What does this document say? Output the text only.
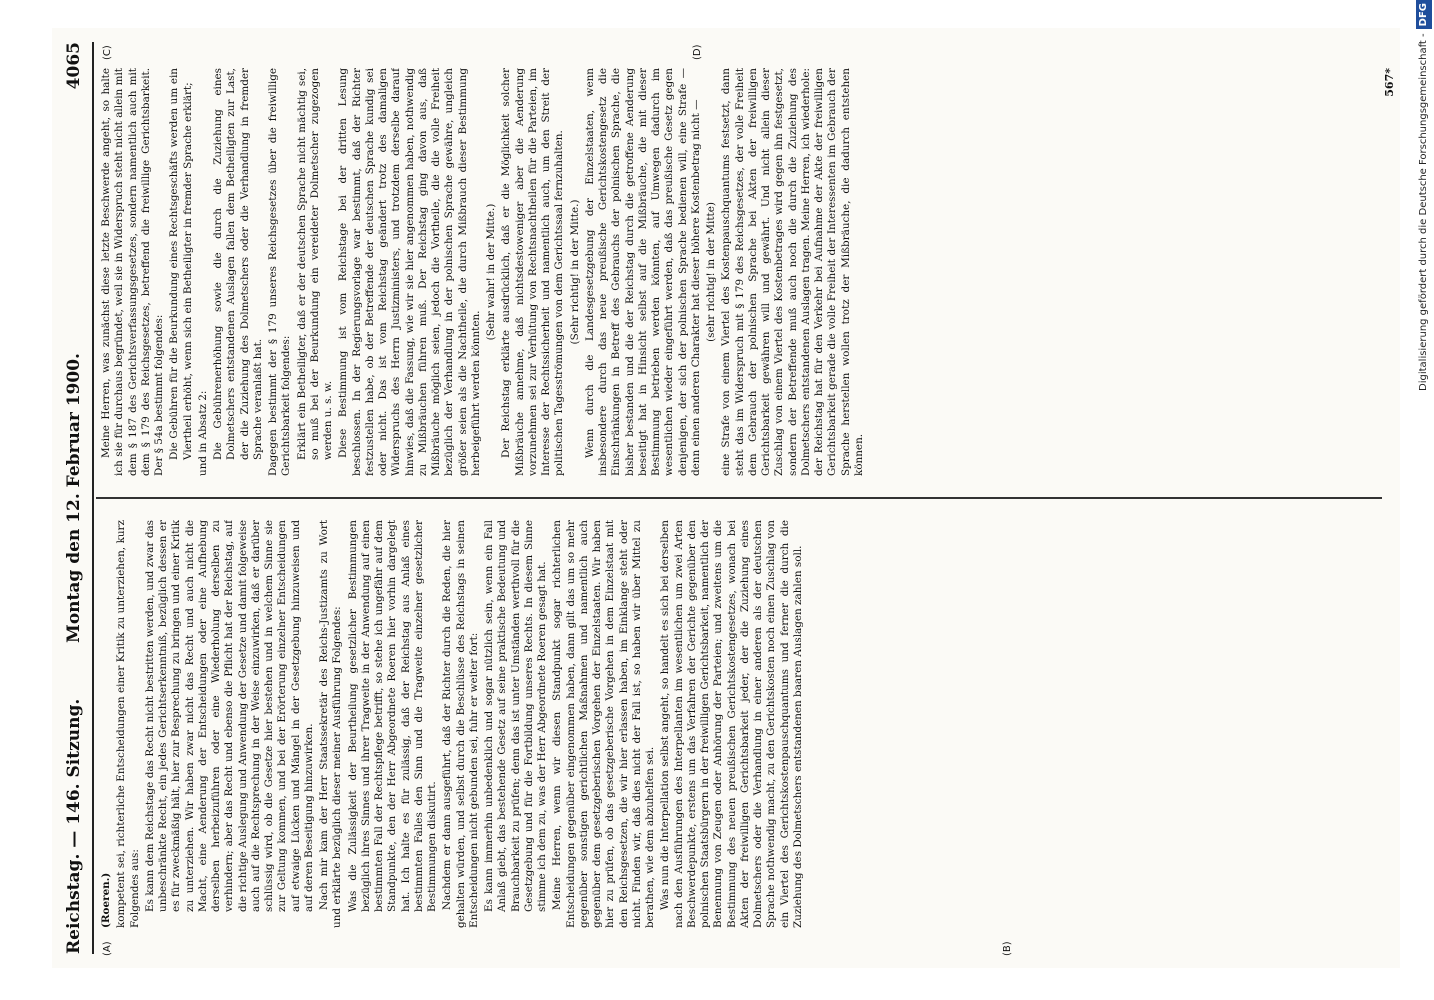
Reichstag. — 146. Sitzung.
Montag den 12. Februar 1900.
4065
(A)	(B)
(C)	(D)

(Roeren.) kompetent sei, richterliche Entscheidungen einer Kritik zu unterziehen, kurz Folgendes aus: Es kann dem Reichstage das Recht nicht bestritten werden, und zwar das unbeschränkte Recht, ein jedes Gerichtserkenntniß, bezüglich dessen er es für zweckmäßig hält, hier zur Besprechung zu bringen und einer Kritik zu unterziehen. Wir haben zwar nicht das Recht und auch nicht die Macht, eine Aenderung der Entscheidungen oder eine Aufhebung derselben herbeizuführen oder eine Wiederholung derselben zu verhindern; aber das Recht und ebenso die Pflicht hat der Reichstag, auf die richtige Auslegung und Anwendung der Gesetze und damit folgeweise auch auf die Rechtsprechung in der Weise einzuwirken, daß er darüber schlüssig wird, ob die Gesetze hier bestehen und in welchem Sinne sie zur Geltung kommen, und bei der Erörterung einzelner Entscheidungen auf etwaige Lücken und Mängel in der Gesetzgebung hinzuweisen und auf deren Beseitigung hinzuwirken. Nach mir kam der Herr Staatssekretär des Reichs-Justizamts zu Wort und erklärte bezüglich dieser meiner Ausführung Folgendes: Was die Zulässigkeit der Beurtheilung gesetzlicher Bestimmungen bezüglich ihres Sinnes und ihrer Tragweite in der Anwendung auf einen bestimmten Fall der Rechtspflege betrifft, so stehe ich ungefähr auf dem Standpunkte, den der Herr Abgeordnete Roeren hier vorhin dargelegt hat. Ich halte es für zulässig, daß der Reichstag aus Anlaß eines bestimmten Falles den Sinn und die Tragweite einzelner gesetzlicher Bestimmungen diskutirt. Nachdem er dann ausgeführt, daß der Richter durch die Reden, die hier gehalten würden, und selbst durch die Beschlüsse des Reichstags in seinen Entscheidungen nicht gebunden sei, fuhr er weiter fort: Es kann immerhin unbedenklich und sogar nützlich sein, wenn ein Fall Anlaß giebt, das bestehende Gesetz auf seine praktische Bedeutung und Brauchbarkeit zu prüfen; denn das ist unter Umständen werthvoll für die Gesetzgebung und für die Fortbildung unseres Rechts. In diesem Sinne stimme ich dem zu, was der Herr Abgeordnete Roeren gesagt hat. Meine Herren, wenn wir diesen Standpunkt sogar richterlichen Entscheidungen gegenüber eingenommen haben, dann gilt das um so mehr gegenüber sonstigen gerichtlichen Maßnahmen und namentlich auch gegenüber dem gesetzgeberischen Vorgehen der Einzelstaaten. Wir haben hier zu prüfen, ob das gesetzgeberische Vorgehen in dem Einzelstaat mit den Reichsgesetzen, die wir hier erlassen haben, im Einklange steht oder nicht. Finden wir, daß dies nicht der Fall ist, so haben wir über Mittel zu berathen, wie dem abzuhelfen sei. Was nun die Interpellation selbst angeht, so handelt es sich bei derselben nach den Ausführungen des Interpellanten im wesentlichen um zwei Arten Beschwerdepunkte, erstens um das Verfahren der Gerichte gegenüber den polnischen Staatsbürgern in der freiwilligen Gerichtsbarkeit, namentlich der Benennung von Zeugen oder Anhörung der Parteien; und zweitens um die Bestimmung des neuen preußischen Gerichtskostengesetzes, wonach bei Akten der freiwilligen Gerichtsbarkeit jeder, der die Zuziehung eines Dolmetschers oder die Verhandlung in einer anderen als der deutschen Sprache nothwendig macht, zu den Gerichtskosten noch einen Zuschlag von ein Viertel des Gerichtskostenpauschquantums und ferner die durch die Zuziehung des Dolmetschers entstandenen baaren Auslagen zahlen soll.

Meine Herren, was zunächst diese letzte Beschwerde angeht, so halte ich sie für durchaus begründet, weil sie in Widerspruch steht nicht allein mit dem § 187 des Gerichtsverfassungsgesetzes, sondern namentlich auch mit dem § 179 des Reichsgesetzes, betreffend die freiwillige Gerichtsbarkeit. Der § 54a bestimmt folgendes: Die Gebühren für die Beurkundung eines Rechtsgeschäfts werden um ein Viertheil erhöht, wenn sich ein Betheiligter in fremder Sprache erklärt; und in Absatz 2: Die Gebührenerhöhung sowie die durch die Zuziehung eines Dolmetschers entstandenen Auslagen fallen dem Betheiligten zur Last, der die Zuziehung des Dolmetschers oder die Verhandlung in fremder Sprache veranlaßt hat. Dagegen bestimmt der § 179 unseres Reichsgesetzes über die freiwillige Gerichtsbarkeit folgendes: Erklärt ein Betheiligter, daß er der deutschen Sprache nicht mächtig sei, so muß bei der Beurkundung ein vereideter Dolmetscher zugezogen werden u. s. w. Diese Bestimmung ist vom Reichstage bei der dritten Lesung beschlossen. In der Regierungsvorlage war bestimmt, daß der Richter festzustellen habe, ob der Betreffende der deutschen Sprache kundig sei oder nicht. Das ist vom Reichstag geändert trotz des damaligen Widerspruchs des Herrn Justizministers, und trotzdem derselbe darauf hinwies, daß die Fassung, wie wir sie hier angenommen haben, nothwendig zu Mißbräuchen führen muß. Der Reichstag ging davon aus, daß Mißbräuche möglich seien, jedoch die Vortheile, die die volle Freiheit bezüglich der Verhandlung in der polnischen Sprache gewähre, ungleich größer seien als die Nachtheile, die durch Mißbrauch dieser Bestimmung herbeigeführt werden könnten.

(Sehr wahr! in der Mitte.) Der Reichstag erklärte ausdrücklich, daß er die Möglichkeit solcher Mißbräuche annehme, daß nichtsdestoweniger aber die Aenderung vorzunehmen sei zur Verhütung von Rechtsnachtheilen für die Parteien, im Interesse der Rechtssicherheit und namentlich auch, um den Streit der politischen Tagesströmungen von dem Gerichtssaal fernzuhalten. (Sehr richtig! in der Mitte.) Wenn durch die Landesgesetzgebung der Einzelstaaten, wenn insbesondere durch das neue preußische Gerichtskostengesetz die Einschränkungen in Betreff des Gebrauchs der polnischen Sprache, die bisher bestanden und die der Reichstag durch die getroffene Aenderung beseitigt hat in Hinsicht selbst auf die Mißbräuche, die mit dieser Bestimmung betrieben werden könnten, auf Umwegen dadurch im wesentlichen wieder eingeführt werden, daß das preußische Gesetz gegen denjenigen, der sich der polnischen Sprache bedienen will, eine Strafe — denn einen anderen Charakter hat dieser höhere Kostenbetrag nicht — (sehr richtig! in der Mitte) eine Strafe von einem Viertel des Kostenpauschquantums festsetzt, dann steht das im Widerspruch mit § 179 des Reichsgesetzes, der volle Freiheit dem Gebrauch der polnischen Sprache bei Akten der freiwilligen Gerichtsbarkeit gewähren will und gewährt. Und nicht allein dieser Zuschlag von einem Viertel des Kostenbetrages wird gegen ihn festgesetzt, sondern der Betreffende muß auch noch die durch die Zuziehung des Dolmetschers entstandenen Auslagen tragen. Meine Herren, ich wiederhole: der Reichstag hat für den Verkehr bei Aufnahme der Akte der freiwilligen Gerichtsbarkeit gerade die volle Freiheit der Interessenten im Gebrauch der Sprache herstellen wollen trotz der Mißbräuche, die dadurch entstehen können.

567* Digitalisierung gefördert durch die Deutsche Forschungsgemeinschaft -DFG
